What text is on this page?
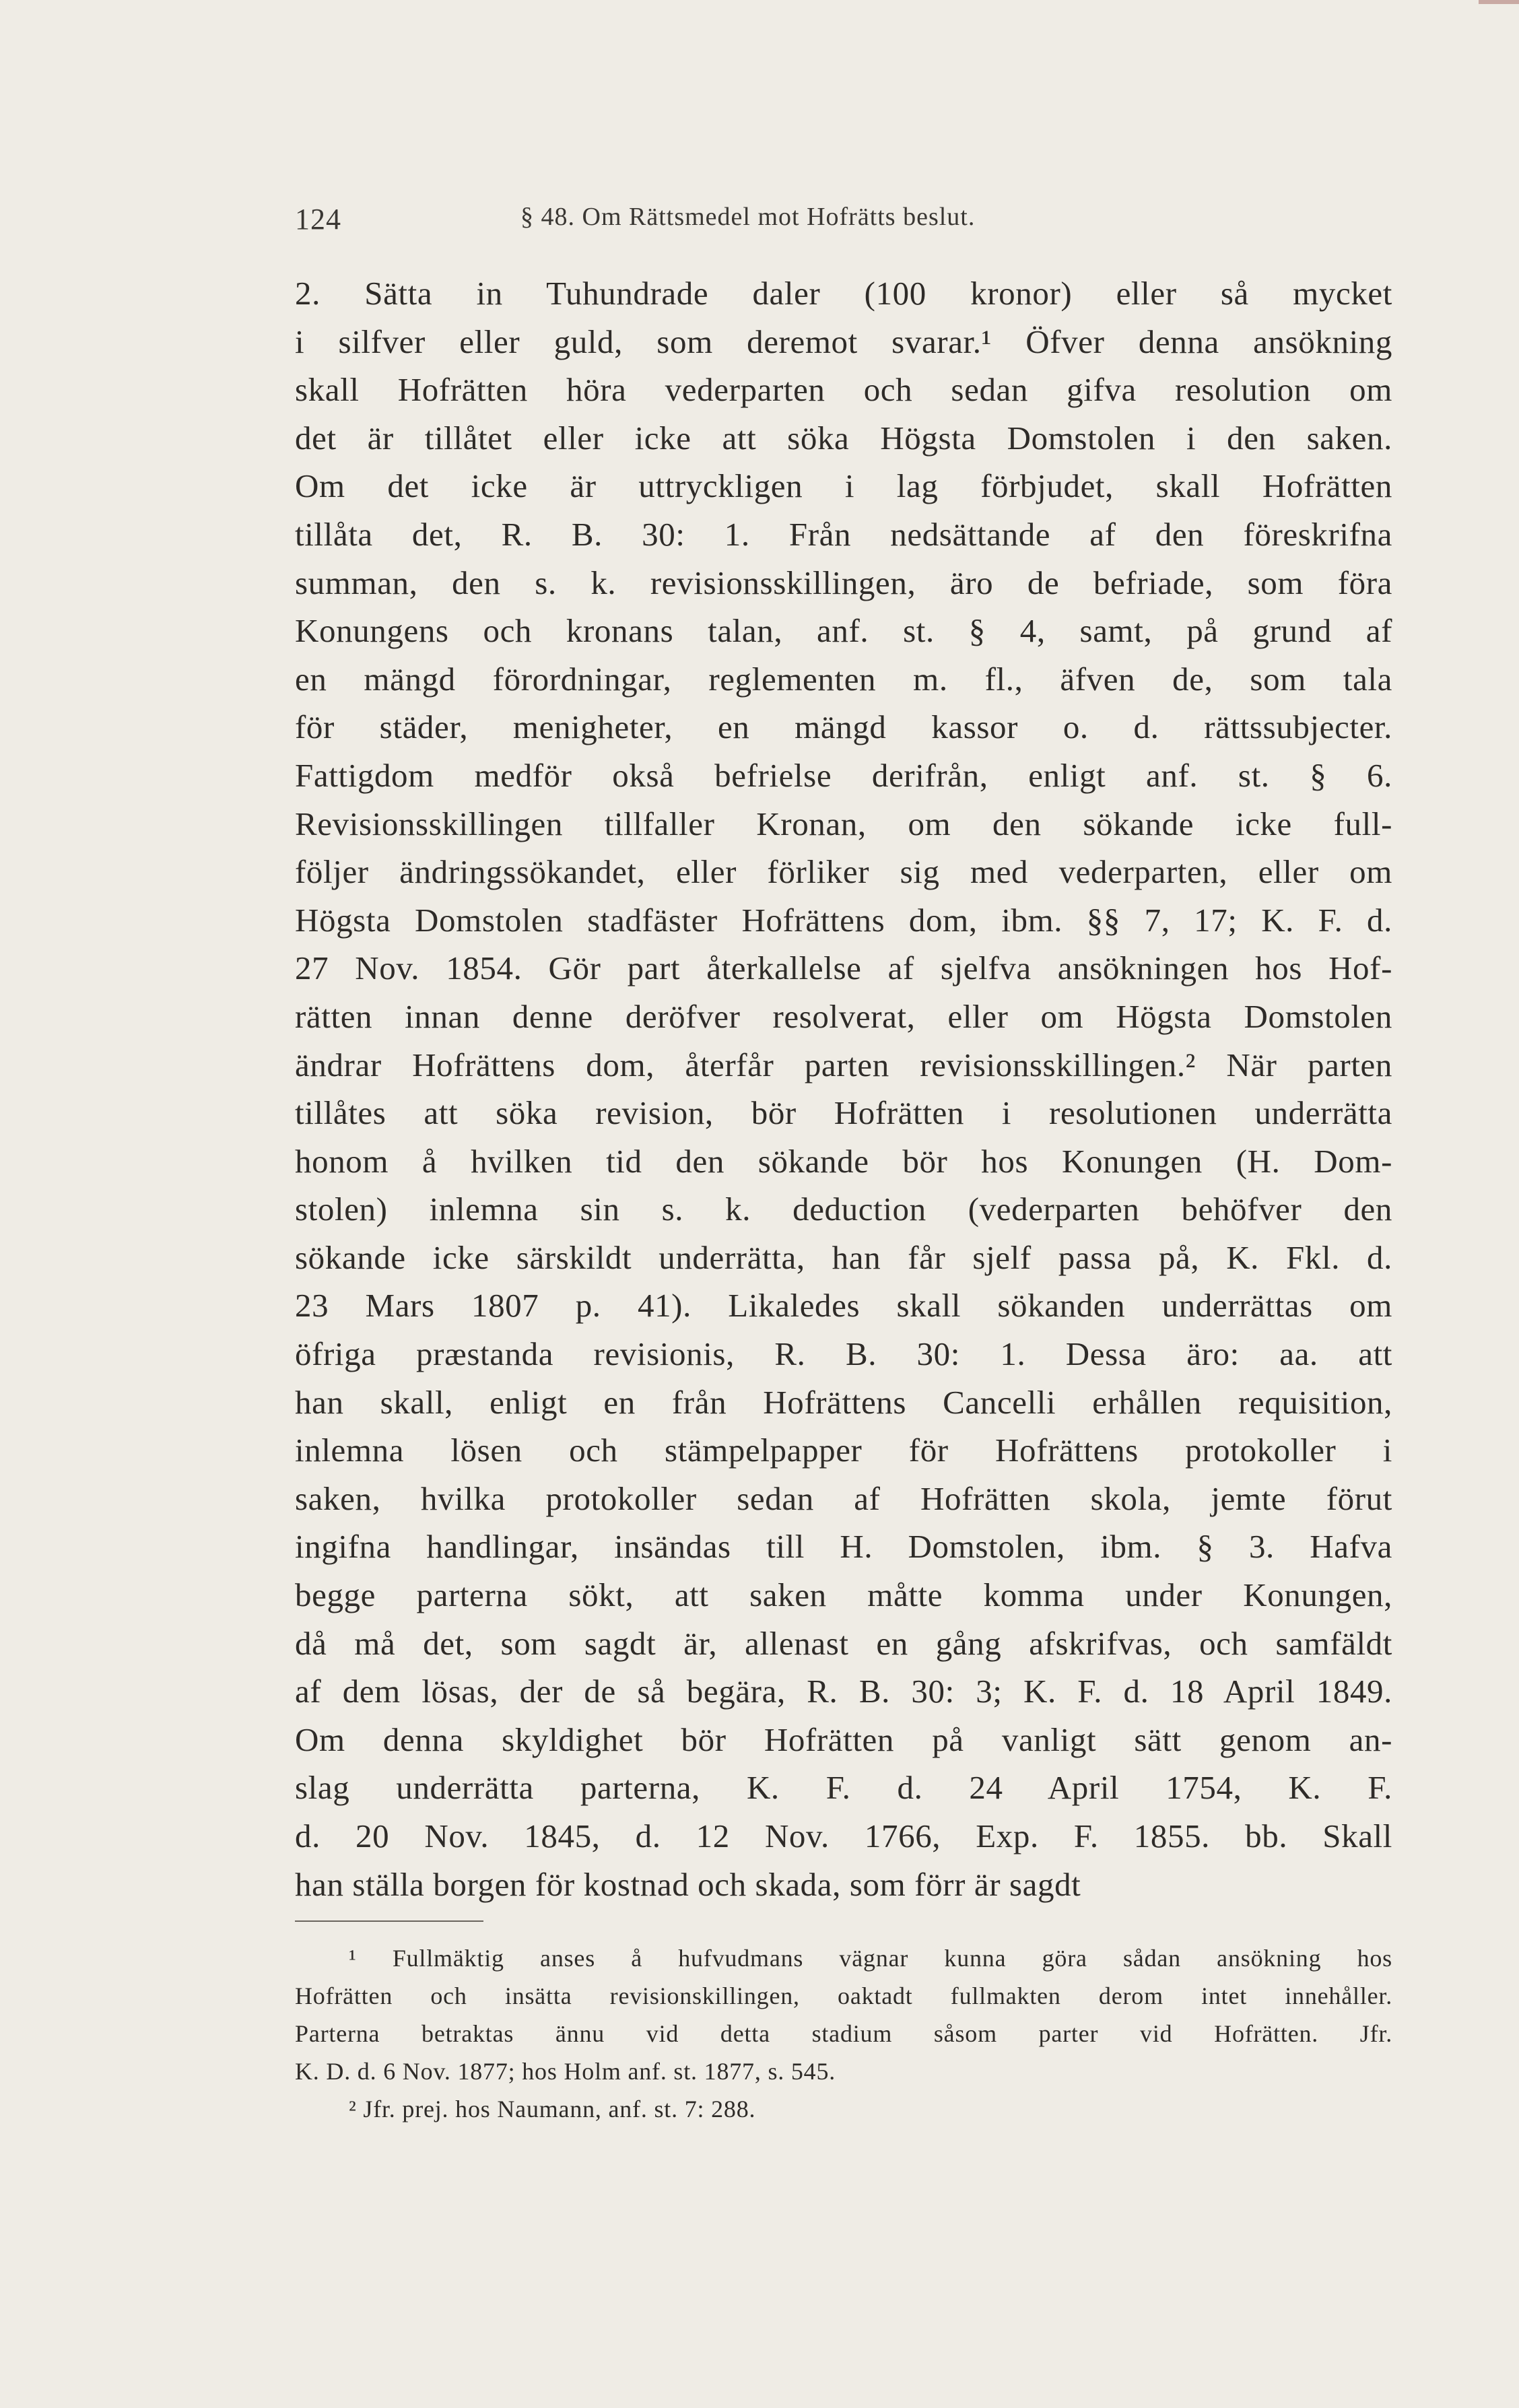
124	§ 48. Om Rättsmedel mot Hofrätts beslut.
2. Sätta in Tuhundrade daler (100 kronor) eller så mycket
i silfver eller guld, som deremot svarar.¹ Öfver denna ansökning
skall Hofrätten höra vederparten och sedan gifva resolution om
det är tillåtet eller icke att söka Högsta Domstolen i den saken.
Om det icke är uttryckligen i lag förbjudet, skall Hofrätten
tillåta det, R. B. 30: 1. Från nedsättande af den föreskrifna
summan, den s. k. revisionsskillingen, äro de befriade, som föra
Konungens och kronans talan, anf. st. § 4, samt, på grund af
en mängd förordningar, reglementen m. fl., äfven de, som tala
för städer, menigheter, en mängd kassor o. d. rättssubjecter.
Fattigdom medför okså befrielse derifrån, enligt anf. st. § 6.
Revisionsskillingen tillfaller Kronan, om den sökande icke full-
följer ändringssökandet, eller förliker sig med vederparten, eller om
Högsta Domstolen stadfäster Hofrättens dom, ibm. §§ 7, 17; K. F. d.
27 Nov. 1854. Gör part återkallelse af sjelfva ansökningen hos Hof-
rätten innan denne deröfver resolverat, eller om Högsta Domstolen
ändrar Hofrättens dom, återfår parten revisionsskillingen.² När parten
tillåtes att söka revision, bör Hofrätten i resolutionen underrätta
honom å hvilken tid den sökande bör hos Konungen (H. Dom-
stolen) inlemna sin s. k. deduction (vederparten behöfver den
sökande icke särskildt underrätta, han får sjelf passa på, K. Fkl. d.
23 Mars 1807 p. 41). Likaledes skall sökanden underrättas om
öfriga præstanda revisionis, R. B. 30: 1. Dessa äro: aa. att
han skall, enligt en från Hofrättens Cancelli erhållen requisition,
inlemna lösen och stämpelpapper för Hofrättens protokoller i
saken, hvilka protokoller sedan af Hofrätten skola, jemte förut
ingifna handlingar, insändas till H. Domstolen, ibm. § 3. Hafva
begge parterna sökt, att saken måtte komma under Konungen,
då må det, som sagdt är, allenast en gång afskrifvas, och samfäldt
af dem lösas, der de så begära, R. B. 30: 3; K. F. d. 18 April 1849.
Om denna skyldighet bör Hofrätten på vanligt sätt genom an-
slag underrätta parterna, K. F. d. 24 April 1754, K. F.
d. 20 Nov. 1845, d. 12 Nov. 1766, Exp. F. 1855. bb. Skall
han ställa borgen för kostnad och skada, som förr är sagdt
¹ Fullmäktig anses å hufvudmans vägnar kunna göra sådan ansökning hos
Hofrätten och insätta revisionskillingen, oaktadt fullmakten derom intet innehåller.
Parterna betraktas ännu vid detta stadium såsom parter vid Hofrätten. Jfr.
K. D. d. 6 Nov. 1877; hos Holm anf. st. 1877, s. 545.
² Jfr. prej. hos Naumann, anf. st. 7: 288.
